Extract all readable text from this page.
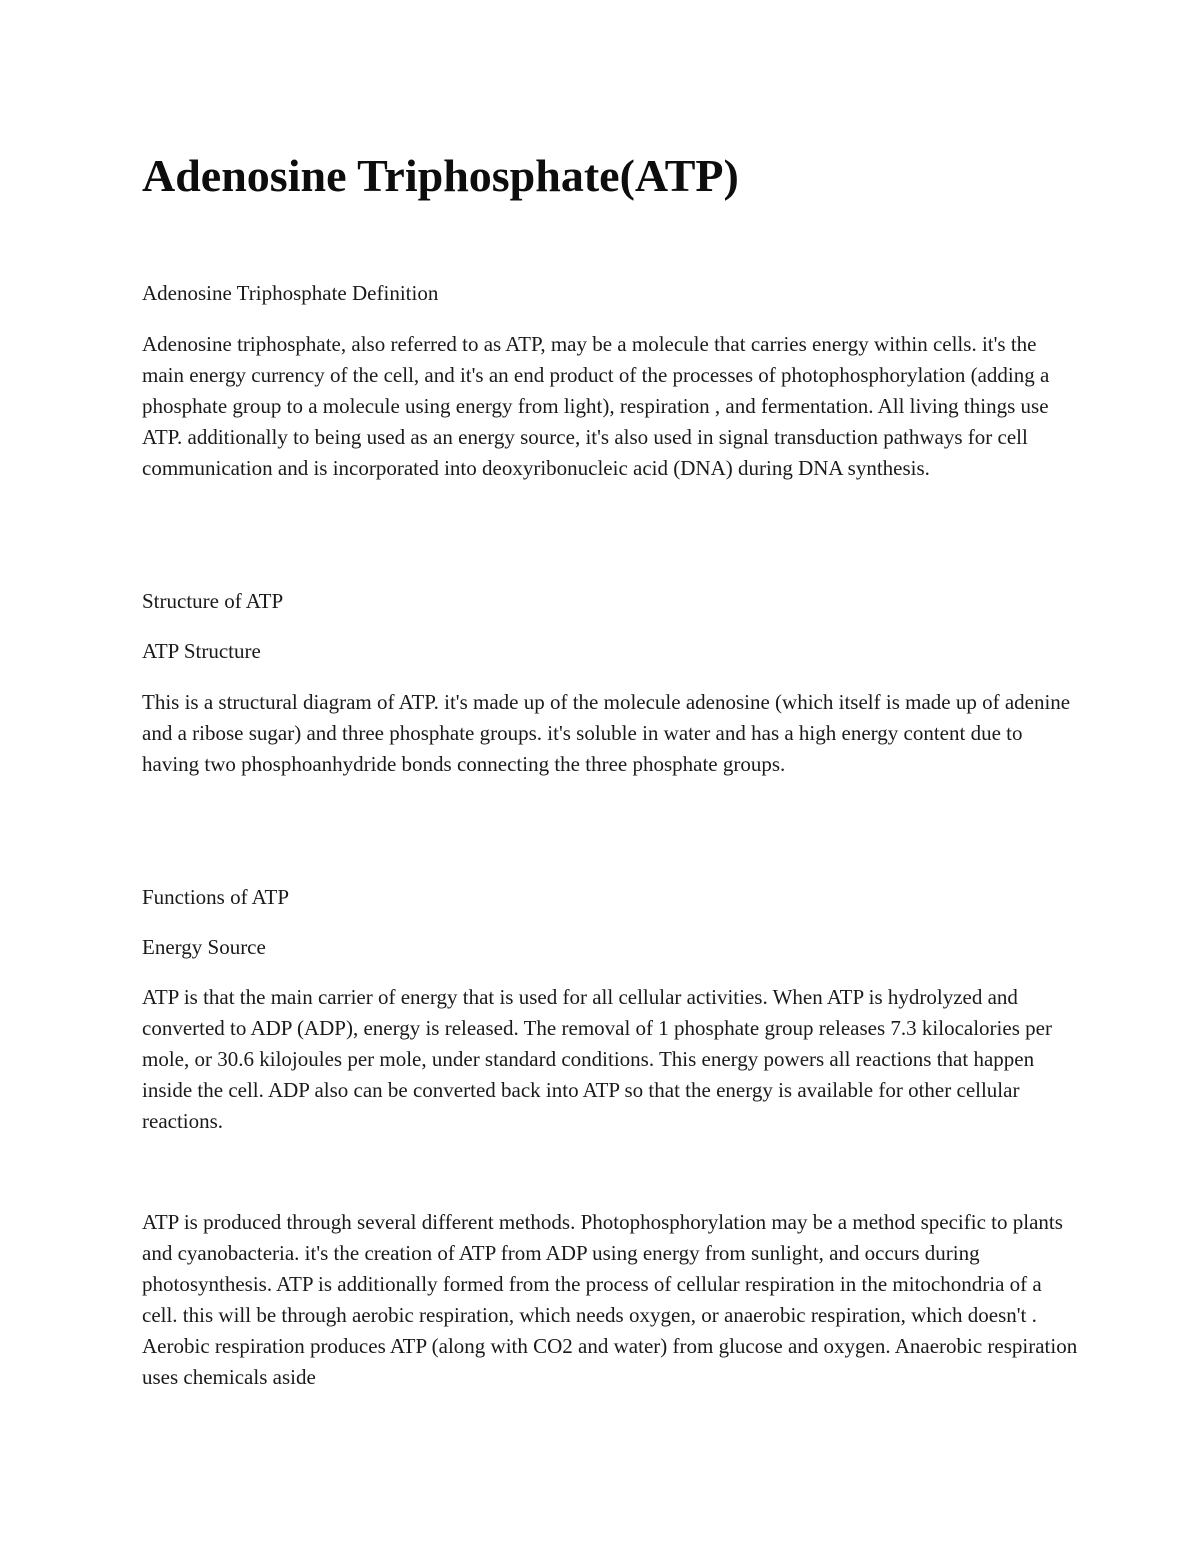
Adenosine Triphosphate(ATP)

Adenosine Triphosphate Definition

Adenosine triphosphate, also referred to as ATP, may be a molecule that carries energy within cells. it's the main energy currency of the cell, and it's an end product of the processes of photophosphorylation (adding a phosphate group to a molecule using energy from light), respiration , and fermentation. All living things use ATP. additionally to being used as an energy source, it's also used in signal transduction pathways for cell communication and is incorporated into deoxyribonucleic acid (DNA) during DNA synthesis.

Structure of ATP

ATP Structure

This is a structural diagram of ATP. it's made up of the molecule adenosine (which itself is made up of adenine and a ribose sugar) and three phosphate groups. it's soluble in water and has a high energy content due to having two phosphoanhydride bonds connecting the three phosphate groups.

Functions of ATP

Energy Source

ATP is that the main carrier of energy that is used for all cellular activities. When ATP is hydrolyzed and converted to ADP (ADP), energy is released. The removal of 1 phosphate group releases 7.3 kilocalories per mole, or 30.6 kilojoules per mole, under standard conditions. This energy powers all reactions that happen inside the cell. ADP also can be converted back into ATP so that the energy is available for other cellular reactions.

ATP is produced through several different methods. Photophosphorylation may be a method specific to plants and cyanobacteria. it's the creation of ATP from ADP using energy from sunlight, and occurs during photosynthesis. ATP is additionally formed from the process of cellular respiration in the mitochondria of a cell. this will be through aerobic respiration, which needs oxygen, or anaerobic respiration, which doesn't . Aerobic respiration produces ATP (along with CO2 and water) from glucose and oxygen. Anaerobic respiration uses chemicals aside
